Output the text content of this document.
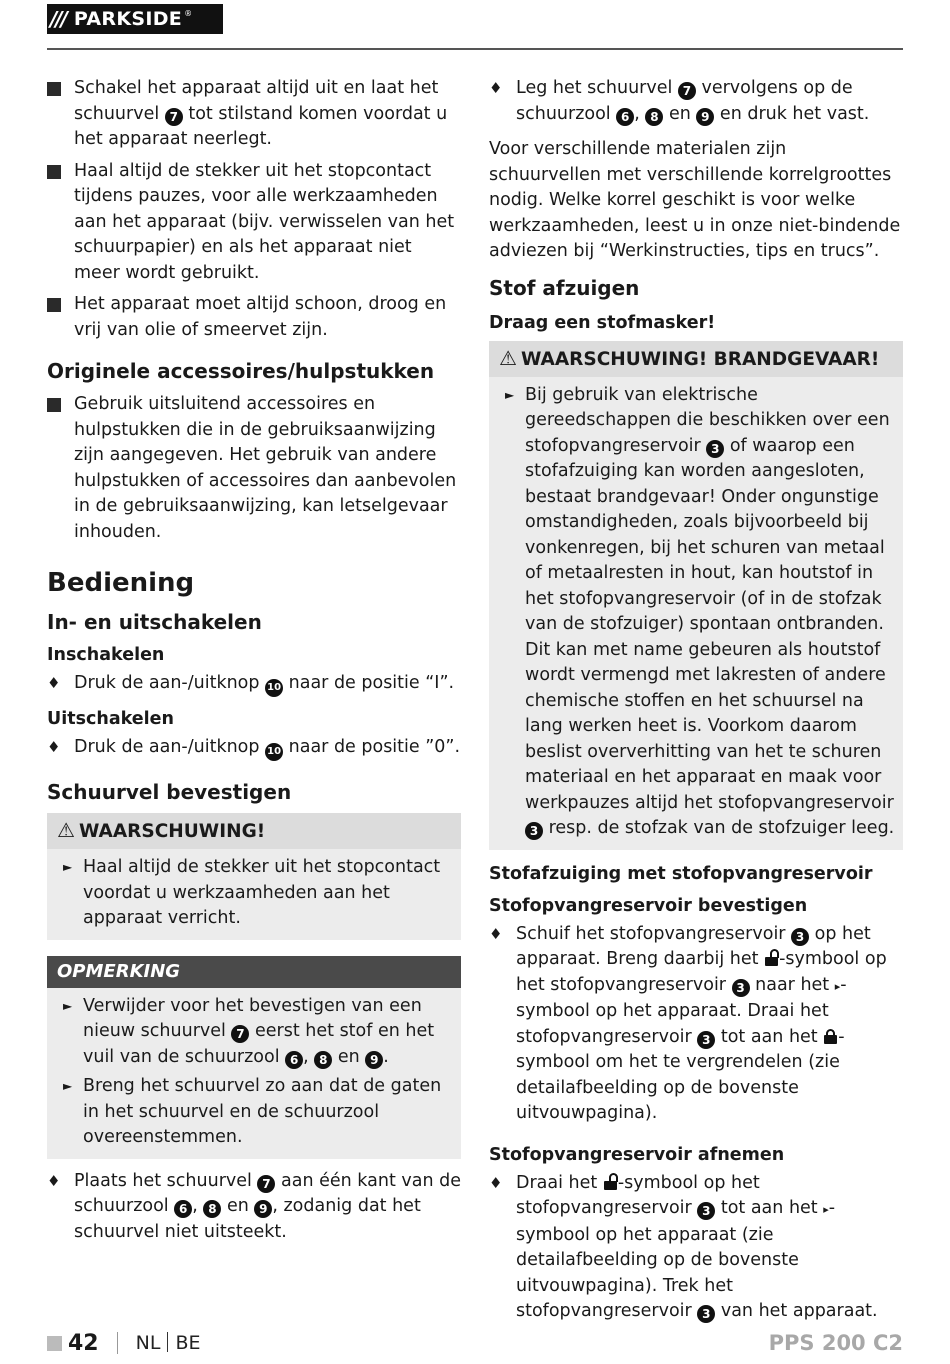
/// PARKSIDE ®
Schakel het apparaat altijd uit en laat het schuurvel 7 tot stilstand komen voordat u het apparaat neerlegt.
Haal altijd de stekker uit het stopcontact tijdens pauzes, voor alle werkzaamheden aan het apparaat (bijv. verwisselen van het schuurpapier) en als het apparaat niet meer wordt gebruikt.
Het apparaat moet altijd schoon, droog en vrij van olie of smeervet zijn.
Originele accessoires/hulpstukken
Gebruik uitsluitend accessoires en hulpstukken die in de gebruiksaanwijzing zijn aangegeven. Het gebruik van andere hulpstukken of accessoires dan aanbevolen in de gebruiksaanwijzing, kan letselgevaar inhouden.
Bediening
In- en uitschakelen
Inschakelen
♦ Druk de aan-/uitknop 10 naar de positie “I”.
Uitschakelen
♦ Druk de aan-/uitknop 10 naar de positie ”0”.
Schuurvel bevestigen
⚠ WAARSCHUWING!
► Haal altijd de stekker uit het stopcontact voordat u werkzaamheden aan het apparaat verricht.
OPMERKING
► Verwijder voor het bevestigen van een nieuw schuurvel 7 eerst het stof en het vuil van de schuurzool 6 , 8 en 9 .
► Breng het schuurvel zo aan dat de gaten in het schuurvel en de schuurzool overeenstemmen.
♦ Plaats het schuurvel 7 aan één kant van de schuurzool 6 , 8 en 9 , zodanig dat het schuurvel niet uitsteekt.
♦ Leg het schuurvel 7 vervolgens op de schuurzool 6 , 8 en 9 en druk het vast.
Voor verschillende materialen zijn schuurvellen met verschillende korrelgroottes nodig. Welke korrel geschikt is voor welke werkzaamheden, leest u in onze niet-bindende adviezen bij “Werkinstructies, tips en trucs”.
Stof afzuigen
Draag een stofmasker!
⚠ WAARSCHUWING! BRANDGEVAAR!
► Bij gebruik van elektrische gereedschappen die beschikken over een stofopvangreservoir 3 of waarop een stofafzuiging kan worden aangesloten, bestaat brandgevaar! Onder ongunstige omstandigheden, zoals bijvoorbeeld bij vonkenregen, bij het schuren van metaal of metaalresten in hout, kan houtstof in het stofopvangreservoir (of in de stofzak van de stofzuiger) spontaan ontbranden. Dit kan met name gebeuren als houtstof wordt vermengd met lakresten of andere chemische stoffen en het schuursel na lang werken heet is. Voorkom daarom beslist oververhitting van het te schuren materiaal en het apparaat en maak voor werkpauzes altijd het stofopvangreservoir 3 resp. de stofzak van de stofzuiger leeg.
Stofafzuiging met stofopvangreservoir
Stofopvangreservoir bevestigen
♦ Schuif het stofopvangreservoir 3 op het apparaat. Breng daarbij het
-symbool op het stofopvangreservoir 3 naar het ▸-symbool op het apparaat. Draai het stofopvangreservoir 3 tot aan het
-symbool om het te vergrendelen (zie detailafbeelding op de bovenste uitvouwpagina).
Stofopvangreservoir afnemen
♦ Draai het
-symbool op het stofopvangreservoir 3 tot aan het ▸-symbool op het apparaat (zie detailafbeelding op de bovenste uitvouwpagina). Trek het stofopvangreservoir 3 van het apparaat.
42 NL BE	PPS 200 C2
